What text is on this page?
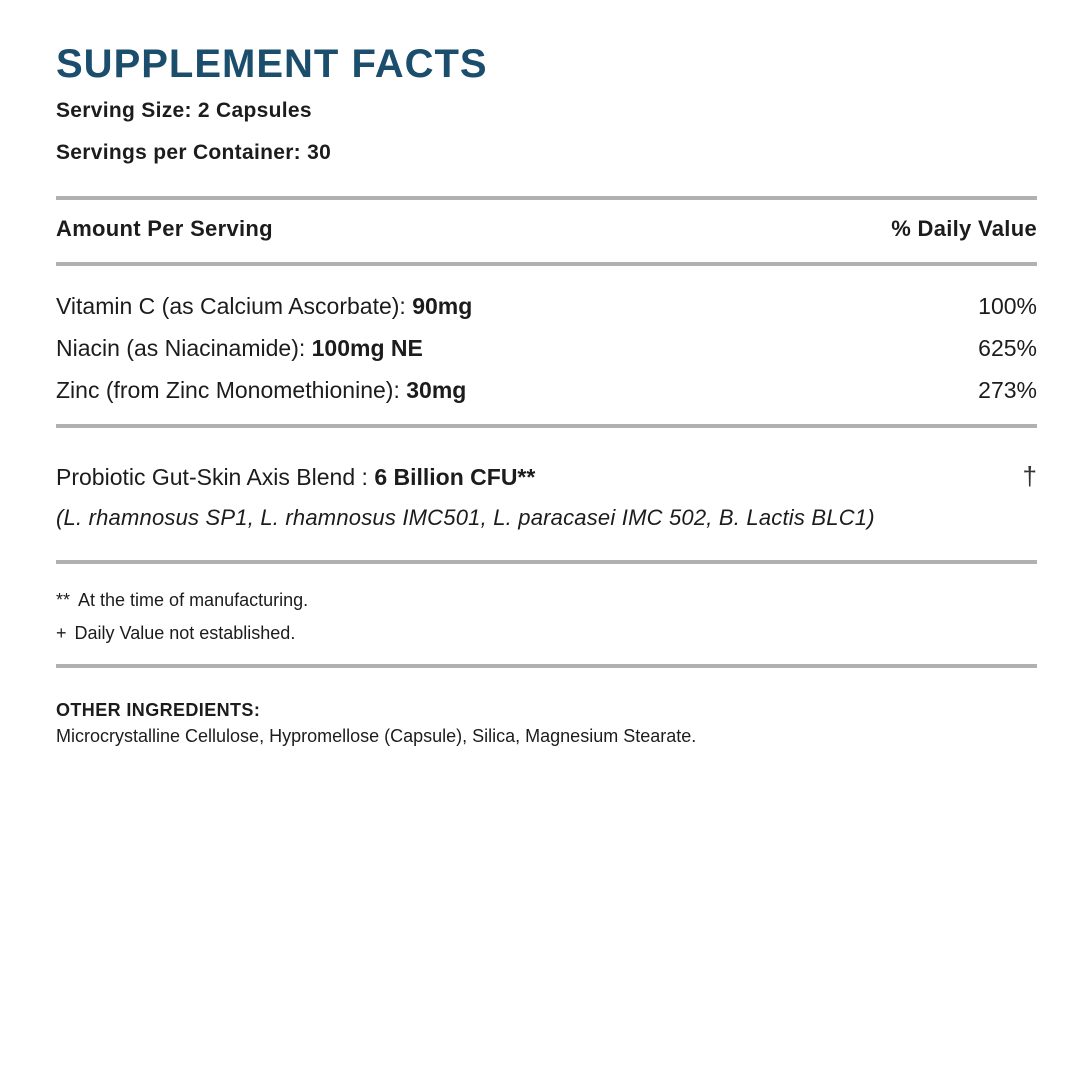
SUPPLEMENT FACTS
Serving Size: 2 Capsules
Servings per Container: 30
Amount Per Serving	% Daily Value
Vitamin C (as Calcium Ascorbate): 90mg	100%
Niacin (as Niacinamide): 100mg NE	625%
Zinc (from Zinc Monomethionine): 30mg	273%
Probiotic Gut-Skin Axis Blend : 6 Billion CFU**	†
(L. rhamnosus SP1, L. rhamnosus IMC501, L. paracasei IMC 502, B. Lactis BLC1)
** At the time of manufacturing.
+ Daily Value not established.
OTHER INGREDIENTS:
Microcrystalline Cellulose, Hypromellose (Capsule), Silica, Magnesium Stearate.
